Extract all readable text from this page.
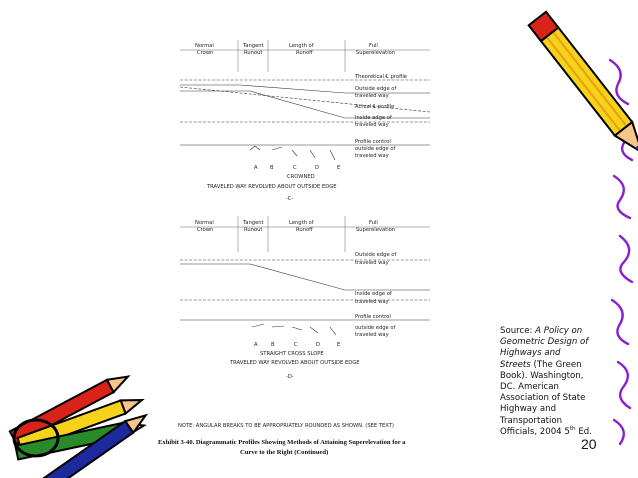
Normal
Crown
Tangent
Runout
Length of
Runoff
Full
Superelevation
Theoretical ℄ profile
Outside edge of
traveled way
Actual ℄ profile
Inside edge of
traveled way
Profile control
outside edge of
traveled way
A B	C	D	E
CROWNED
TRAVELED WAY REVOLVED ABOUT OUTSIDE EDGE
-C-
Normal
Crown
Tangent
Runout
Length of
Runoff
Full
Superelevation
Outside edge of
traveled way
Inside edge of
traveled way
Profile control
outside edge of
traveled way
A	B	C	D	E
STRAIGHT CROSS SLOPE
TRAVELED WAY REVOLVED ABOUT OUTSIDE EDGE
-D-
NOTE: ANGULAR BREAKS TO BE APPROPRIATELY ROUNDED AS SHOWN. (SEE TEXT)
Exhibit 3-40. Diagrammatic Profiles Showing Methods of Attaining Superelevation for a
Curve to the Right (Continued)
Source: A Policy on Geometric Design of Highways and Streets (The Green Book). Washington, DC. American Association of State Highway and Transportation Officials, 2004 5th Ed.
20
